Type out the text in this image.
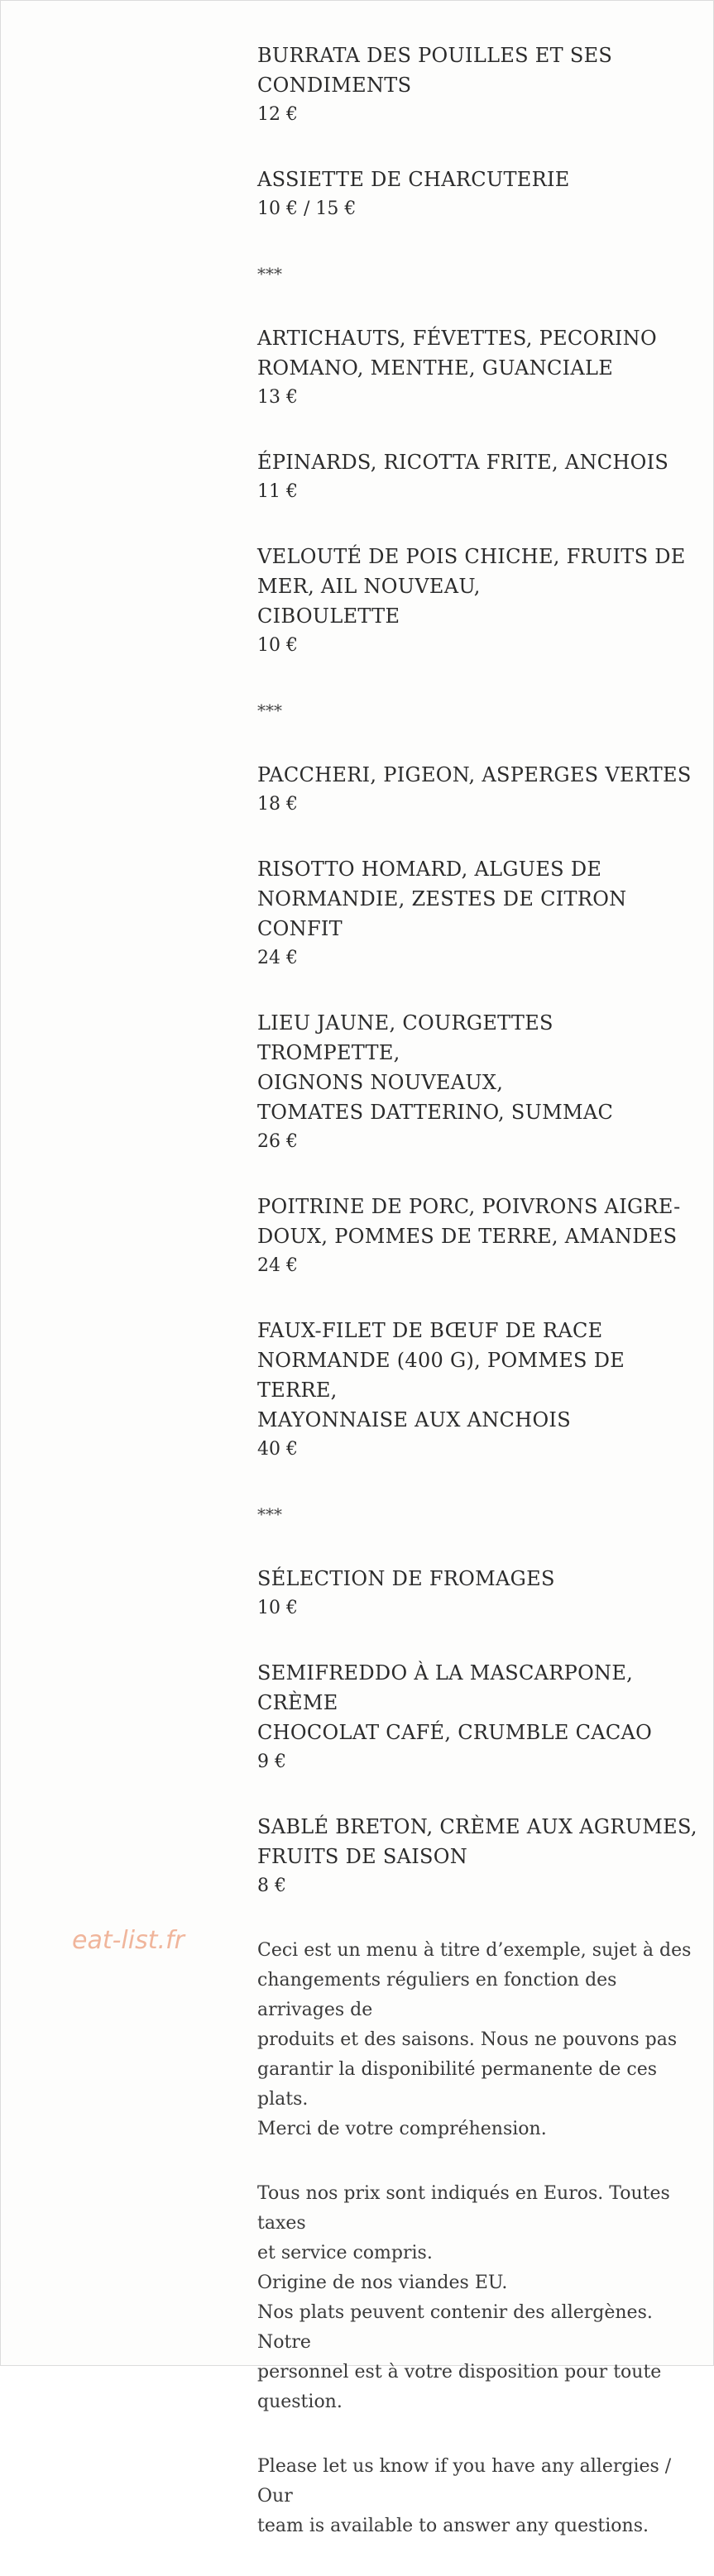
eat-list.fr
BURRATA DES POUILLES ET SES
CONDIMENTS
12 €
ASSIETTE DE CHARCUTERIE
10 € / 15 €
***
ARTICHAUTS, FÉVETTES, PECORINO
ROMANO, MENTHE, GUANCIALE
13 €
ÉPINARDS, RICOTTA FRITE, ANCHOIS
11 €
VELOUTÉ DE POIS CHICHE, FRUITS DE
MER, AIL NOUVEAU,
CIBOULETTE
10 €
***
PACCHERI, PIGEON, ASPERGES VERTES
18 €
RISOTTO HOMARD, ALGUES DE
NORMANDIE, ZESTES DE CITRON CONFIT
24 €
LIEU JAUNE, COURGETTES TROMPETTE,
OIGNONS NOUVEAUX,
TOMATES DATTERINO, SUMMAC
26 €
POITRINE DE PORC, POIVRONS AIGRE-
DOUX, POMMES DE TERRE, AMANDES
24 €
FAUX-FILET DE BŒUF DE RACE
NORMANDE (400 G), POMMES DE TERRE,
MAYONNAISE AUX ANCHOIS
40 €
***
SÉLECTION DE FROMAGES
10 €
SEMIFREDDO À LA MASCARPONE, CRÈME
CHOCOLAT CAFÉ, CRUMBLE CACAO
9 €
SABLÉ BRETON, CRÈME AUX AGRUMES,
FRUITS DE SAISON
8 €
Ceci est un menu à titre d’exemple, sujet à des
changements réguliers en fonction des arrivages de
produits et des saisons. Nous ne pouvons pas
garantir la disponibilité permanente de ces plats.
Merci de votre compréhension.
Tous nos prix sont indiqués en Euros. Toutes taxes
et service compris.
Origine de nos viandes EU.
Nos plats peuvent contenir des allergènes. Notre
personnel est à votre disposition pour toute
question.
Please let us know if you have any allergies / Our
team is available to answer any questions.
